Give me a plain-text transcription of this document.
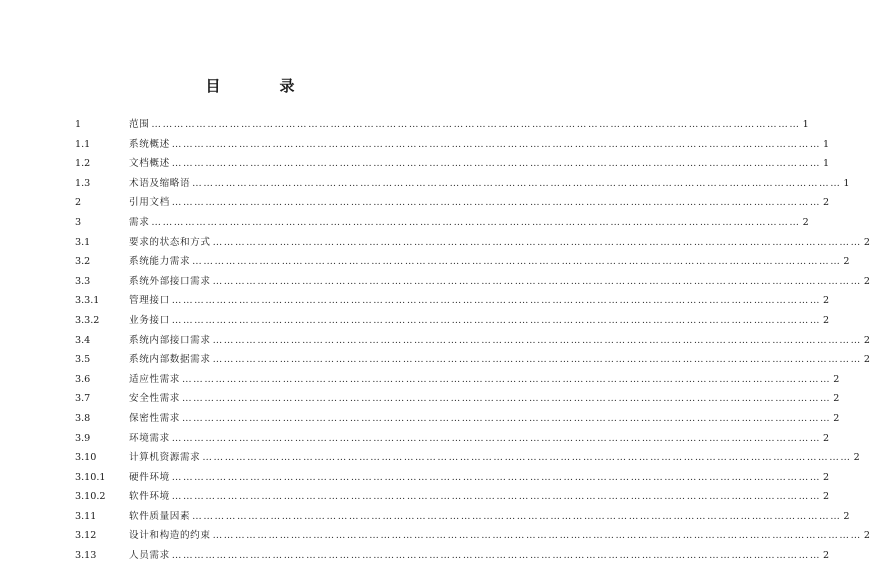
目　录
1	范围 ………………………………………………………………………………………………………………………………………………………… 1
1.1	系统概述 ………………………………………………………………………………………………………………………………………………………… 1
1.2	文档概述 ………………………………………………………………………………………………………………………………………………………… 1
1.3	术语及缩略语 ………………………………………………………………………………………………………………………………………………………… 1
2	引用文档 ………………………………………………………………………………………………………………………………………………………… 2
3	需求 ………………………………………………………………………………………………………………………………………………………… 2
3.1	要求的状态和方式 ………………………………………………………………………………………………………………………………………………………… 2
3.2	系统能力需求 ………………………………………………………………………………………………………………………………………………………… 2
3.3	系统外部接口需求 ………………………………………………………………………………………………………………………………………………………… 2
3.3.1	管理接口 ………………………………………………………………………………………………………………………………………………………… 2
3.3.2	业务接口 ………………………………………………………………………………………………………………………………………………………… 2
3.4	系统内部接口需求 ………………………………………………………………………………………………………………………………………………………… 2
3.5	系统内部数据需求 ………………………………………………………………………………………………………………………………………………………… 2
3.6	适应性需求 ………………………………………………………………………………………………………………………………………………………… 2
3.7	安全性需求 ………………………………………………………………………………………………………………………………………………………… 2
3.8	保密性需求 ………………………………………………………………………………………………………………………………………………………… 2
3.9	环境需求 ………………………………………………………………………………………………………………………………………………………… 2
3.10	计算机资源需求 ………………………………………………………………………………………………………………………………………………………… 2
3.10.1	硬件环境 ………………………………………………………………………………………………………………………………………………………… 2
3.10.2	软件环境 ………………………………………………………………………………………………………………………………………………………… 2
3.11	软件质量因素 ………………………………………………………………………………………………………………………………………………………… 2
3.12	设计和构造的约束 ………………………………………………………………………………………………………………………………………………………… 2
3.13	人员需求 ………………………………………………………………………………………………………………………………………………………… 2
